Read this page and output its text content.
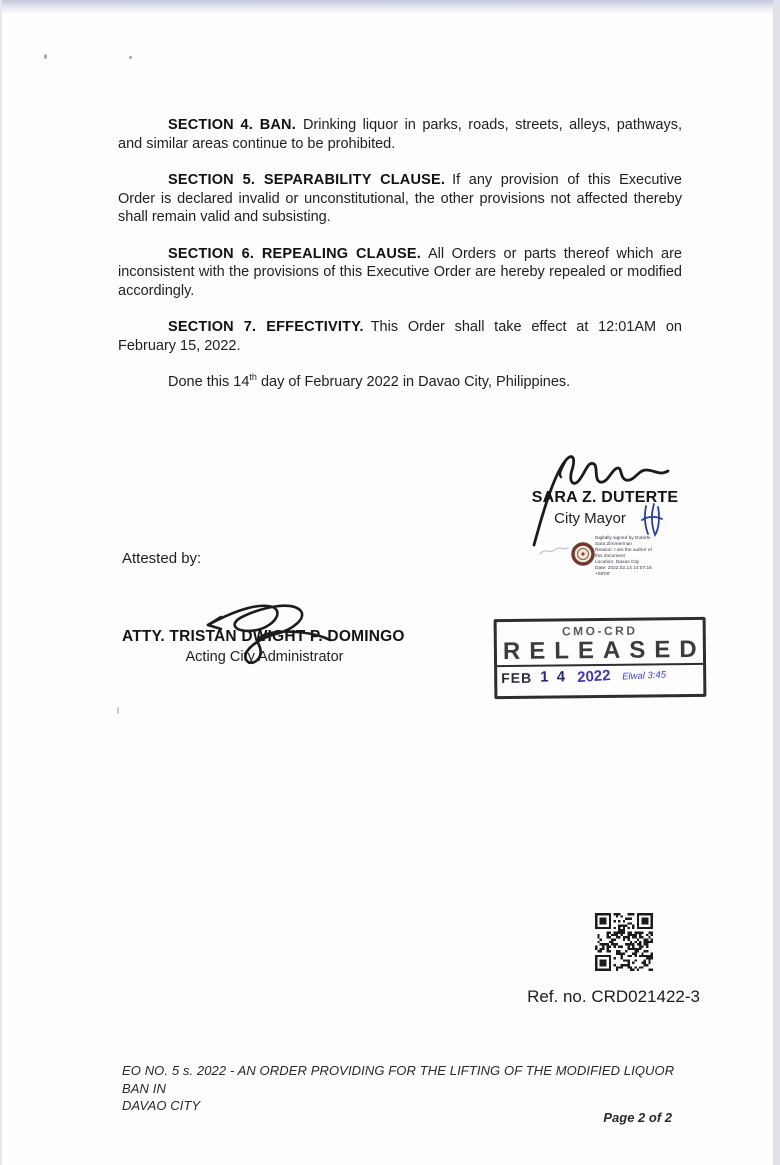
SECTION 4. BAN. Drinking liquor in parks, roads, streets, alleys, pathways, and similar areas continue to be prohibited.

SECTION 5. SEPARABILITY CLAUSE. If any provision of this Executive Order is declared invalid or unconstitutional, the other provisions not affected thereby shall remain valid and subsisting.

SECTION 6. REPEALING CLAUSE. All Orders or parts thereof which are inconsistent with the provisions of this Executive Order are hereby repealed or modified accordingly.

SECTION 7. EFFECTIVITY. This Order shall take effect at 12:01AM on February 15, 2022.

Done this 14th day of February 2022 in Davao City, Philippines.

SARA Z. DUTERTE
City Mayor
Digitally signed by Duterte
Sara Zimmerman
Reason: I am the author of
this document
Location: Davao City
Date: 2022.02.14 14:07:16
+08'00'
Attested by:
ATTY. TRISTAN DWIGHT P. DOMINGO
Acting City Administrator
CMO-CRD
RELEASED
FEB 1 4 2022 Elwal 3:45
Ref. no. CRD021422-3
EO NO. 5 s. 2022 - AN ORDER PROVIDING FOR THE LIFTING OF THE MODIFIED LIQUOR BAN IN
DAVAO CITY
Page 2 of 2
